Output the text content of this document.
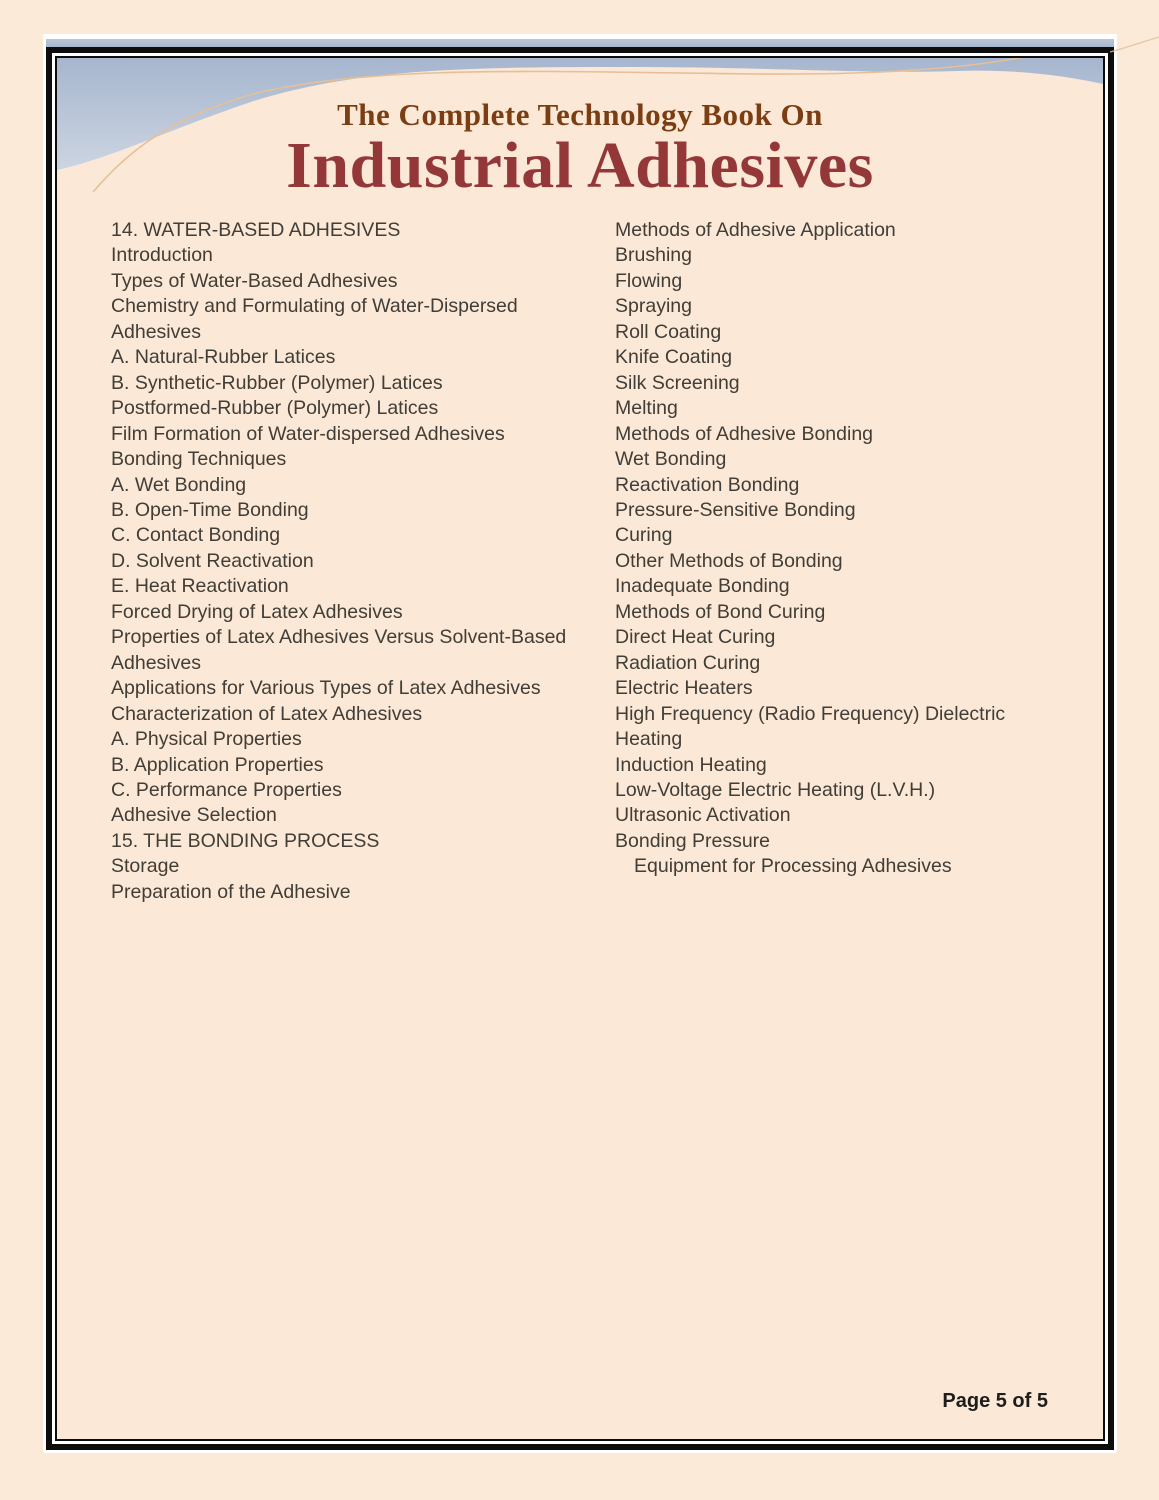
The Complete Technology Book On
Industrial Adhesives
14. WATER-BASED ADHESIVES
Introduction
Types of Water-Based Adhesives
Chemistry and Formulating of Water-Dispersed
Adhesives
A. Natural-Rubber Latices
B. Synthetic-Rubber (Polymer) Latices
Postformed-Rubber (Polymer) Latices
Film Formation of Water-dispersed Adhesives
Bonding Techniques
A. Wet Bonding
B. Open-Time Bonding
C. Contact Bonding
D. Solvent Reactivation
E. Heat Reactivation
Forced Drying of Latex Adhesives
Properties of Latex Adhesives Versus Solvent-Based
Adhesives
Applications for Various Types of Latex Adhesives
Characterization of Latex Adhesives
A. Physical Properties
B. Application Properties
C. Performance Properties
Adhesive Selection
15. THE BONDING PROCESS
Storage
Preparation of the Adhesive
Methods of Adhesive Application
Brushing
Flowing
Spraying
Roll Coating
Knife Coating
Silk Screening
Melting
Methods of Adhesive Bonding
Wet Bonding
Reactivation Bonding
Pressure-Sensitive Bonding
Curing
Other Methods of Bonding
Inadequate Bonding
Methods of Bond Curing
Direct Heat Curing
Radiation Curing
Electric Heaters
High Frequency (Radio Frequency) Dielectric
Heating
Induction Heating
Low-Voltage Electric Heating (L.V.H.)
Ultrasonic Activation
Bonding Pressure
Equipment for Processing Adhesives
Page 5 of 5
